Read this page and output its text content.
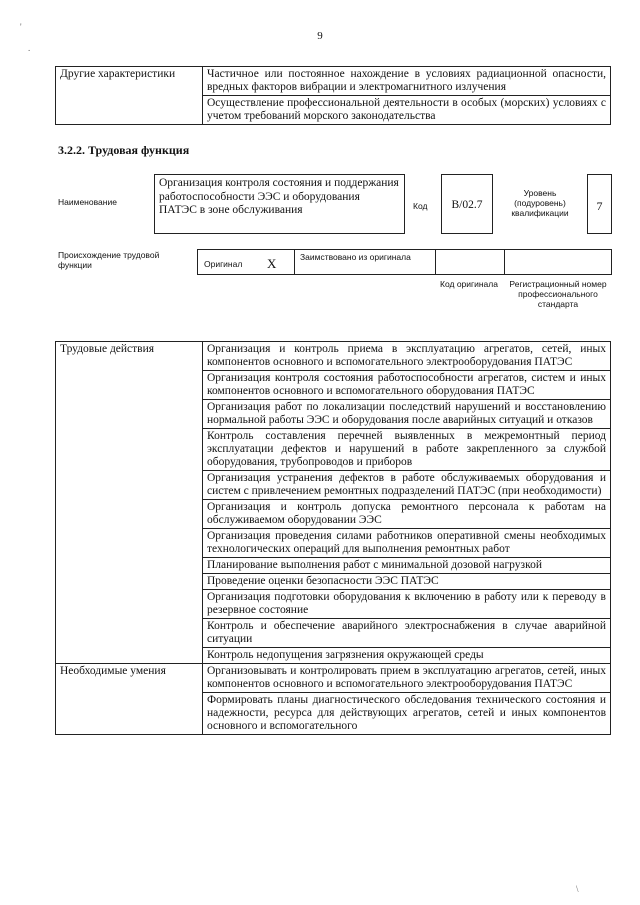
9
'
.
Другие характеристики	Частичное или постоянное нахождение в условиях радиационной опасности, вредных факторов вибрации и электромагнитного излучения
Осуществление профессиональной деятельности в особых (морских) условиях с учетом требований морского законодательства
3.2.2. Трудовая функция
Наименование
Организация контроля состояния и поддержания работоспособности ЭЭС и оборудования ПАТЭС в зоне обслуживания	Код	B/02.7
Уровень (подуровень) квалификации	7
Происхождение трудовой функции	Оригинал X	Заимствовано из оригинала
Код оригинала	Регистрационный номер профессионального стандарта
Трудовые действия	Организация и контроль приема в эксплуатацию агрегатов, сетей, иных компонентов основного и вспомогательного электрооборудования ПАТЭС
	Организация контроля состояния работоспособности агрегатов, систем и иных компонентов основного и вспомогательного оборудования ПАТЭС
	Организация работ по локализации последствий нарушений и восстановлению нормальной работы ЭЭС и оборудования после аварийных ситуаций и отказов
	Контроль составления перечней выявленных в межремонтный период эксплуатации дефектов и нарушений в работе закрепленного за службой оборудования, трубопроводов и приборов
	Организация устранения дефектов в работе обслуживаемых оборудования и систем с привлечением ремонтных подразделений ПАТЭС (при необходимости)
	Организация и контроль допуска ремонтного персонала к работам на обслуживаемом оборудовании ЭЭС
	Организация проведения силами работников оперативной смены необходимых технологических операций для выполнения ремонтных работ
	Планирование выполнения работ с минимальной дозовой нагрузкой
	Проведение оценки безопасности ЭЭС ПАТЭС
	Организация подготовки оборудования к включению в работу или к переводу в резервное состояние
	Контроль и обеспечение аварийного электроснабжения в случае аварийной ситуации
	Контроль недопущения загрязнения окружающей среды
Необходимые умения	Организовывать и контролировать прием в эксплуатацию агрегатов, сетей, иных компонентов основного и вспомогательного электрооборудования ПАТЭС
	Формировать планы диагностического обследования технического состояния и надежности, ресурса для действующих агрегатов, сетей и иных компонентов основного и вспомогательного
\
